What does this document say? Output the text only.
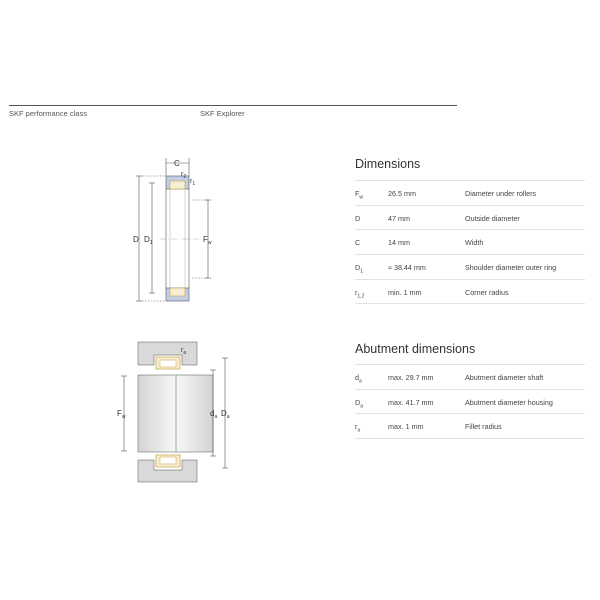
SKF performance class	SKF Explorer
C
$r_2$
$r_1$
D $D_1$	$F_w$
$r_a$
$F_w$	$d_a$ $D_a$
Dimensions
$F_w$	26.5 mm	Diameter under rollers
D	47 mm	Outside diameter
C	14 mm	Width
$D_1$	≈ 38.44 mm	Shoulder diameter outer ring
$r_{1,2}$	min. 1 mm	Corner radius
Abutment dimensions
$d_a$	max. 29.7 mm	Abutment diameter shaft
$D_a$	max. 41.7 mm	Abutment diameter housing
$r_a$	max. 1 mm	Fillet radius
